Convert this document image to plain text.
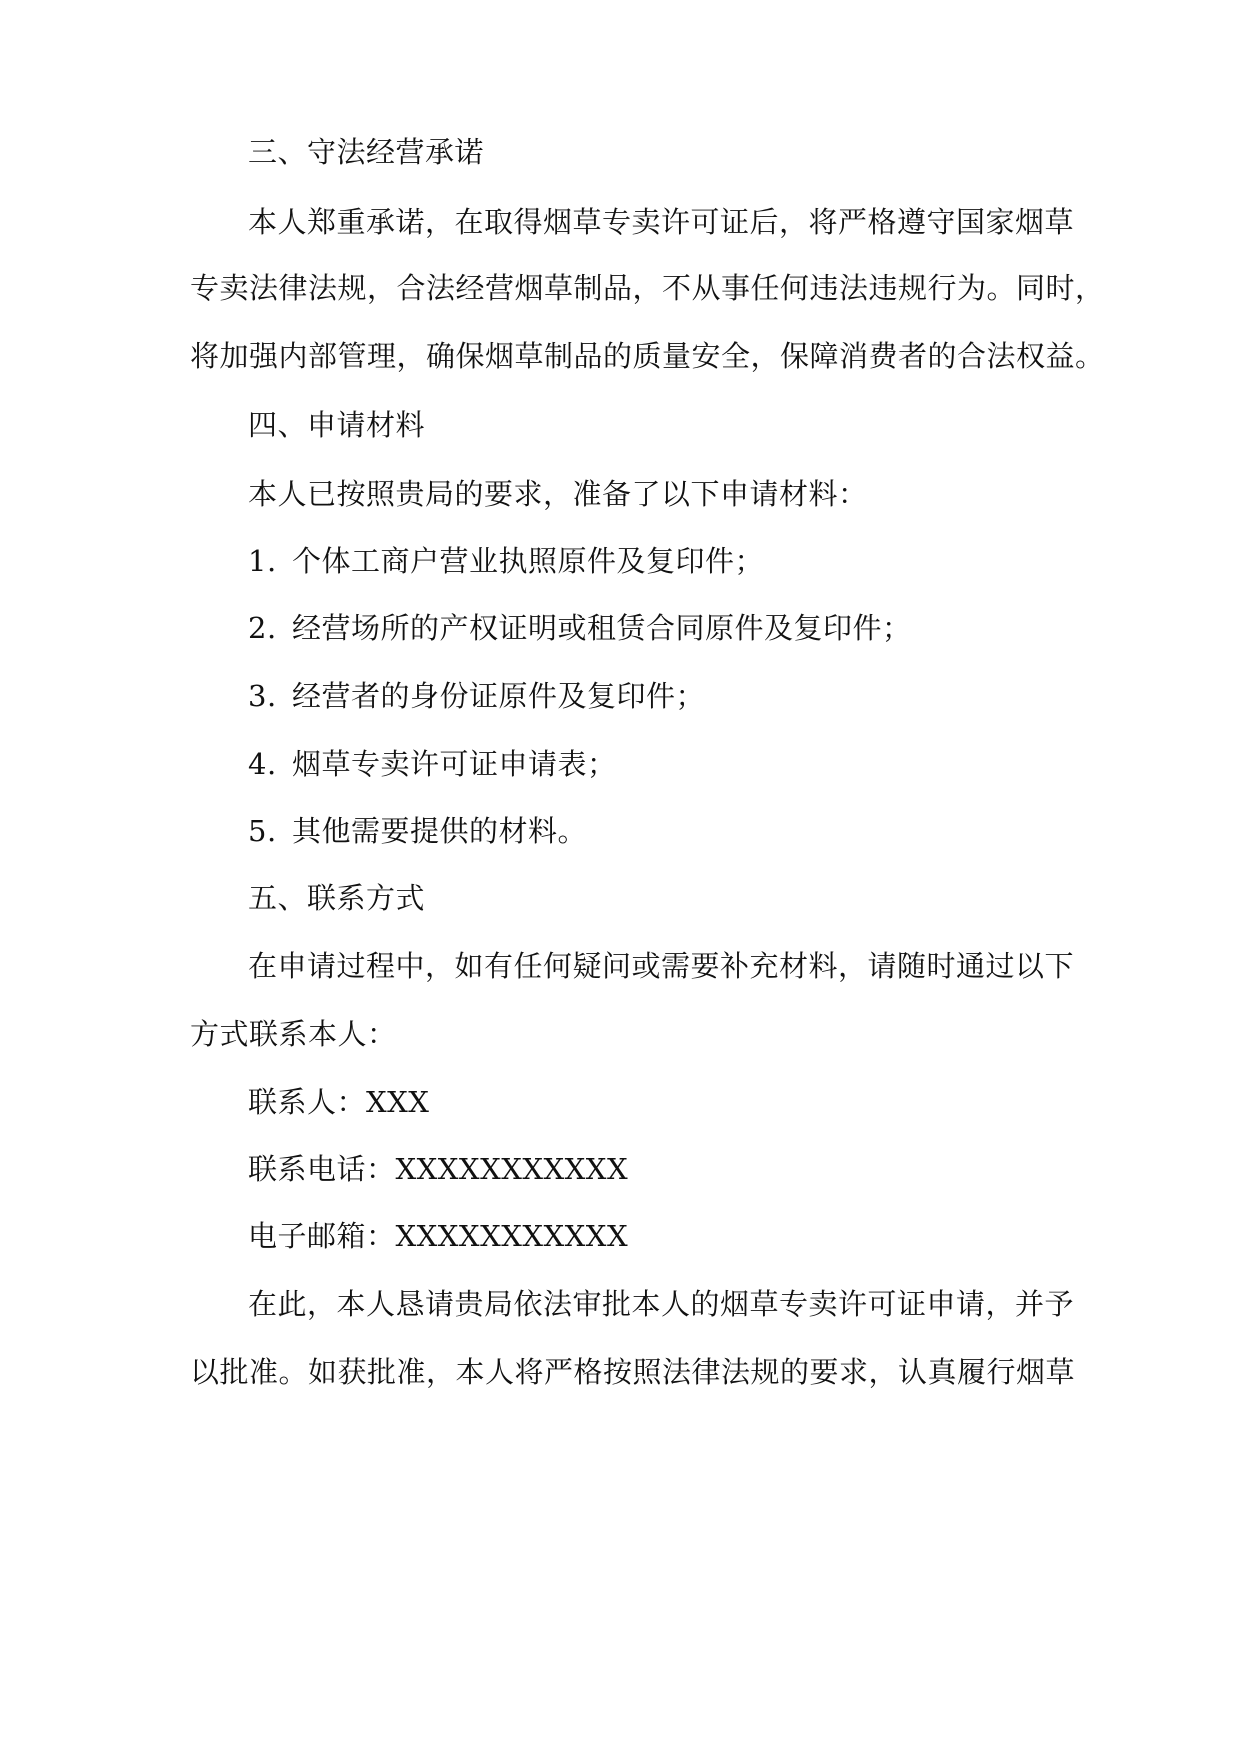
三、守法经营承诺
本人郑重承诺，在取得烟草专卖许可证后，将严格遵守国家烟草
专卖法律法规，合法经营烟草制品，不从事任何违法违规行为。同时，
将加强内部管理，确保烟草制品的质量安全，保障消费者的合法权益。
四、申请材料
本人已按照贵局的要求，准备了以下申请材料：
1. 个体工商户营业执照原件及复印件；
2. 经营场所的产权证明或租赁合同原件及复印件；
3. 经营者的身份证原件及复印件；
4. 烟草专卖许可证申请表；
5. 其他需要提供的材料。
五、联系方式
在申请过程中，如有任何疑问或需要补充材料，请随时通过以下
方式联系本人：
联系人：XXX
联系电话：XXXXXXXXXXX
电子邮箱：XXXXXXXXXXX
在此，本人恳请贵局依法审批本人的烟草专卖许可证申请，并予
以批准。如获批准，本人将严格按照法律法规的要求，认真履行烟草
